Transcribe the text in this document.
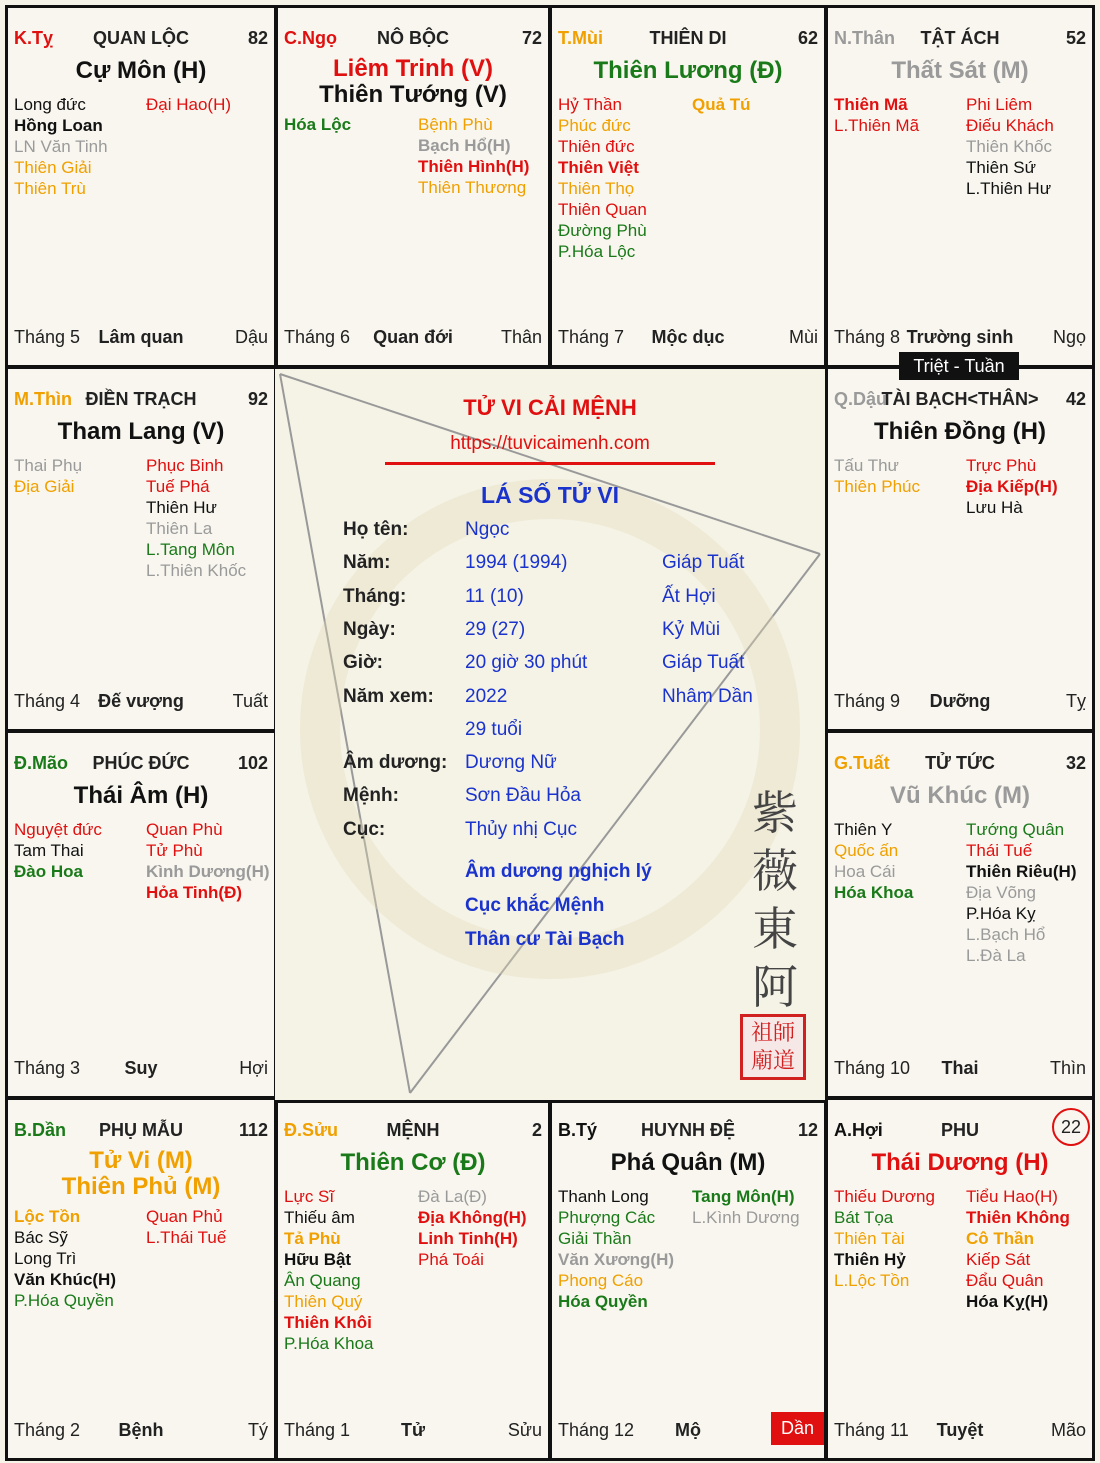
QUAN LỘC
K.Tỵ	82
Cự Môn (H)
Long đức
Hồng Loan
LN Văn Tinh
Thiên Giải
Thiên Trù
Đại Hao(H)
Tháng 5	Lâm quan	Dậu
NÔ BỘC
C.Ngọ	72
Liêm Trinh (V)
Thiên Tướng (V)
Hóa Lộc	Bệnh Phù
Bạch Hổ(H)
Thiên Hình(H)
Thiên Thương
Tháng 6	Quan đới	Thân
THIÊN DI
T.Mùi	62
Thiên Lương (Đ)
Hỷ Thần
Phúc đức
Thiên đức
Thiên Việt
Thiên Thọ
Thiên Quan
Đường Phù
P.Hóa Lộc
Quả Tú
Tháng 7	Mộc dục	Mùi
TẬT ÁCH
N.Thân	52
Thất Sát (M)
Thiên Mã
L.Thiên Mã
Phi Liêm
Điếu Khách
Thiên Khốc
Thiên Sứ
L.Thiên Hư
Tháng 8 Trường sinh	Ngọ
ĐIỀN TRẠCH
M.Thìn	92
Tham Lang (V)
Thai Phụ
Địa Giải
Phục Binh
Tuế Phá
Thiên Hư
Thiên La
L.Tang Môn
L.Thiên Khốc
Tháng 4	Đế vượng	Tuất
TÀI BẠCH<THÂN>
Q.Dậu	42
Thiên Đồng (H)
Tấu Thư
Thiên Phúc
Trực Phù
Địa Kiếp(H)
Lưu Hà
Tháng 9	Dưỡng	Tỵ
PHÚC ĐỨC
Đ.Mão	102
Thái Âm (H)
Nguyệt đức
Tam Thai
Đào Hoa
Quan Phù
Tử Phù
Kình Dương(H)
Hỏa Tinh(Đ)
Tháng 3	Suy	Hợi
TỬ TỨC
G.Tuất	32
Vũ Khúc (M)
Thiên Y
Quốc ấn
Hoa Cái
Hóa Khoa
Tướng Quân
Thái Tuế
Thiên Riêu(H)
Địa Võng
P.Hóa Kỵ
L.Bạch Hổ
L.Đà La
Tháng 10	Thai	Thìn
PHỤ MẪU
B.Dần	112
Tử Vi (M)
Thiên Phủ (M)
Lộc Tồn
Bác Sỹ
Long Trì
Văn Khúc(H)
P.Hóa Quyền
Quan Phủ
L.Thái Tuế
Tháng 2	Bệnh	Tý
MỆNH
Đ.Sửu	2
Thiên Cơ (Đ)
Lực Sĩ
Thiếu âm
Tả Phù
Hữu Bật
Ân Quang
Thiên Quý
Thiên Khôi
P.Hóa Khoa
Đà La(Đ)
Địa Không(H)
Linh Tinh(H)
Phá Toái
Tháng 1	Tử	Sửu
HUYNH ĐỆ
B.Tý	12
Phá Quân (M)
Thanh Long
Phượng Các
Giải Thần
Văn Xương(H)
Phong Cáo
Hóa Quyền
Tang Môn(H)
L.Kình Dương
Tháng 12	Mộ	Dần
PHU
A.Hợi
Thái Dương (H)
Thiếu Dương
Bát Tọa
Thiên Tài
Thiên Hỷ
L.Lộc Tồn
Tiểu Hao(H)
Thiên Không
Cô Thần
Kiếp Sát
Đẩu Quân
Hóa Kỵ(H)
Tháng 11	Tuyệt	Mão
TỬ VI CẢI MỆNH
https://tuvicaimenh.com
LÁ SỐ TỬ VI
Họ tên:	Ngọc
Năm:	1994 (1994)	Giáp Tuất
Tháng:	11 (10)	Ất Hợi
Ngày:	29 (27)	Kỷ Mùi
Giờ:	20 giờ 30 phút	Giáp Tuất
Năm xem: 2022	Nhâm Dần
29 tuổi
Âm dương: Dương Nữ
Mệnh:	Sơn Đầu Hỏa
Cục:	Thủy nhị Cục
Âm dương nghịch lý
Cục khắc Mệnh
Thân cư Tài Bạch
紫
薇
東
阿
祖師 廟道
Triệt - Tuần
22
